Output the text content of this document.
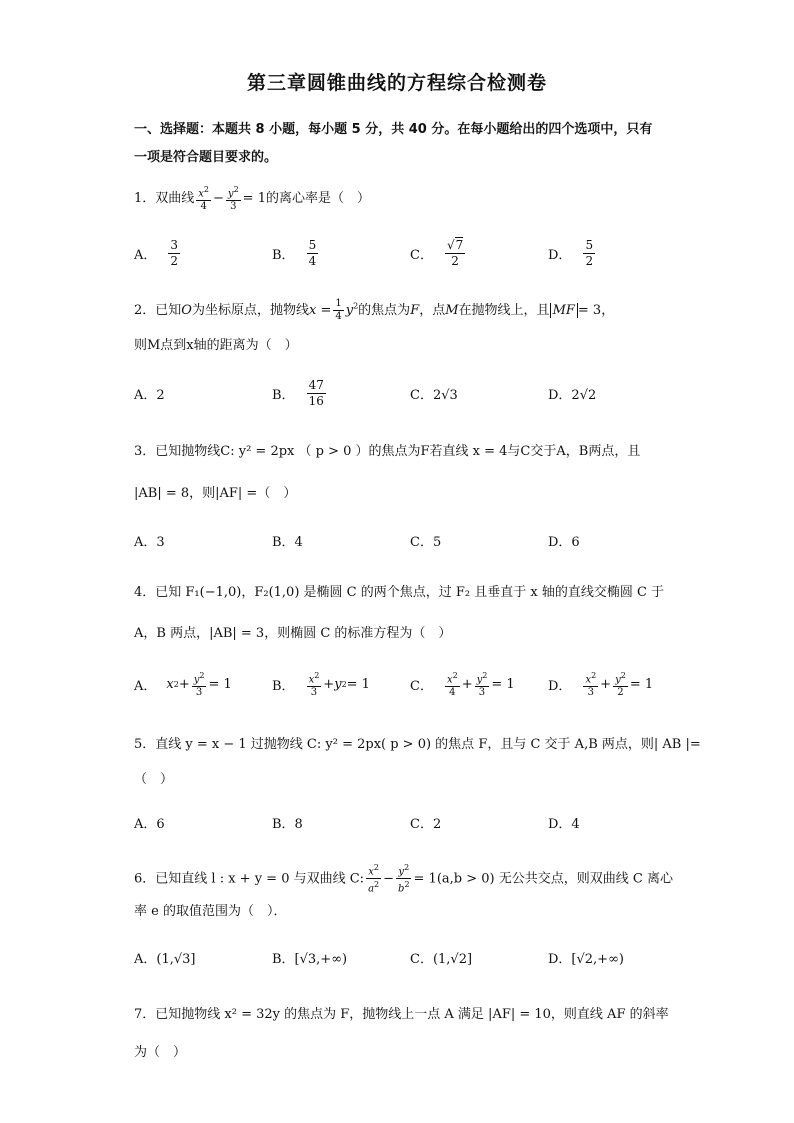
第三章圆锥曲线的方程综合检测卷
一、选择题：本题共 8 小题，每小题 5 分，共 40 分。在每小题给出的四个选项中，只有一项是符合题目要求的。
1．双曲线 $\frac{x^2}{4} - \frac{y^2}{3} = 1$的离心率是（　）
A． $\frac{3}{2}$	B． $\frac{5}{4}$	C． $\frac{√7}{2}$	D． $\frac{5}{2}$
2．已知O为坐标原点，抛物线$x = \frac{1}{4} y^2$的焦点为F，点M在抛物线上，且 MF = 3，
则M点到x轴的距离为（　）
A．2	B． $\frac{47}{16}$	C．2√3	D．2√2
3．已知抛物线C: y² = 2px （ p > 0 ）的焦点为F若直线 x = 4与C交于A，B两点，且
|AB| = 8，则|AF| =（　）
A．3	B．4	C．5	D．6
4．已知 F₁(−1,0)，F₂(1,0) 是椭圆 C 的两个焦点，过 F₂ 且垂直于 x 轴的直线交椭圆 C 于
A，B 两点，|AB| = 3，则椭圆 C 的标准方程为（　）
A． x $2 + \frac{y^2}{3} = 1$	B． $\frac{x^2}{3} + y$ 2 = 1	C． $\frac{x^2}{4} + \frac{y^2}{3} = 1$	D． $\frac{x^2}{3} + \frac{y^2}{2} = 1$
5．直线 y = x − 1 过抛物线 C: y² = 2px( p > 0) 的焦点 F，且与 C 交于 A,B 两点，则| AB |=
（　）
A．6	B．8	C．2	D．4
6．已知直线 l : x + y = 0 与双曲线 C: $\frac{x^2}{a^2} - \frac{y^2}{b^2} = 1(a,b > 0)$ 无公共交点，则双曲线 C 离心
率 e 的取值范围为（　）．
A．(1,√3]	B．[√3,+∞)	C．(1,√2]	D．[√2,+∞)
7．已知抛物线 x² = 32y 的焦点为 F，抛物线上一点 A 满足 |AF| = 10，则直线 AF 的斜率
为（　）
